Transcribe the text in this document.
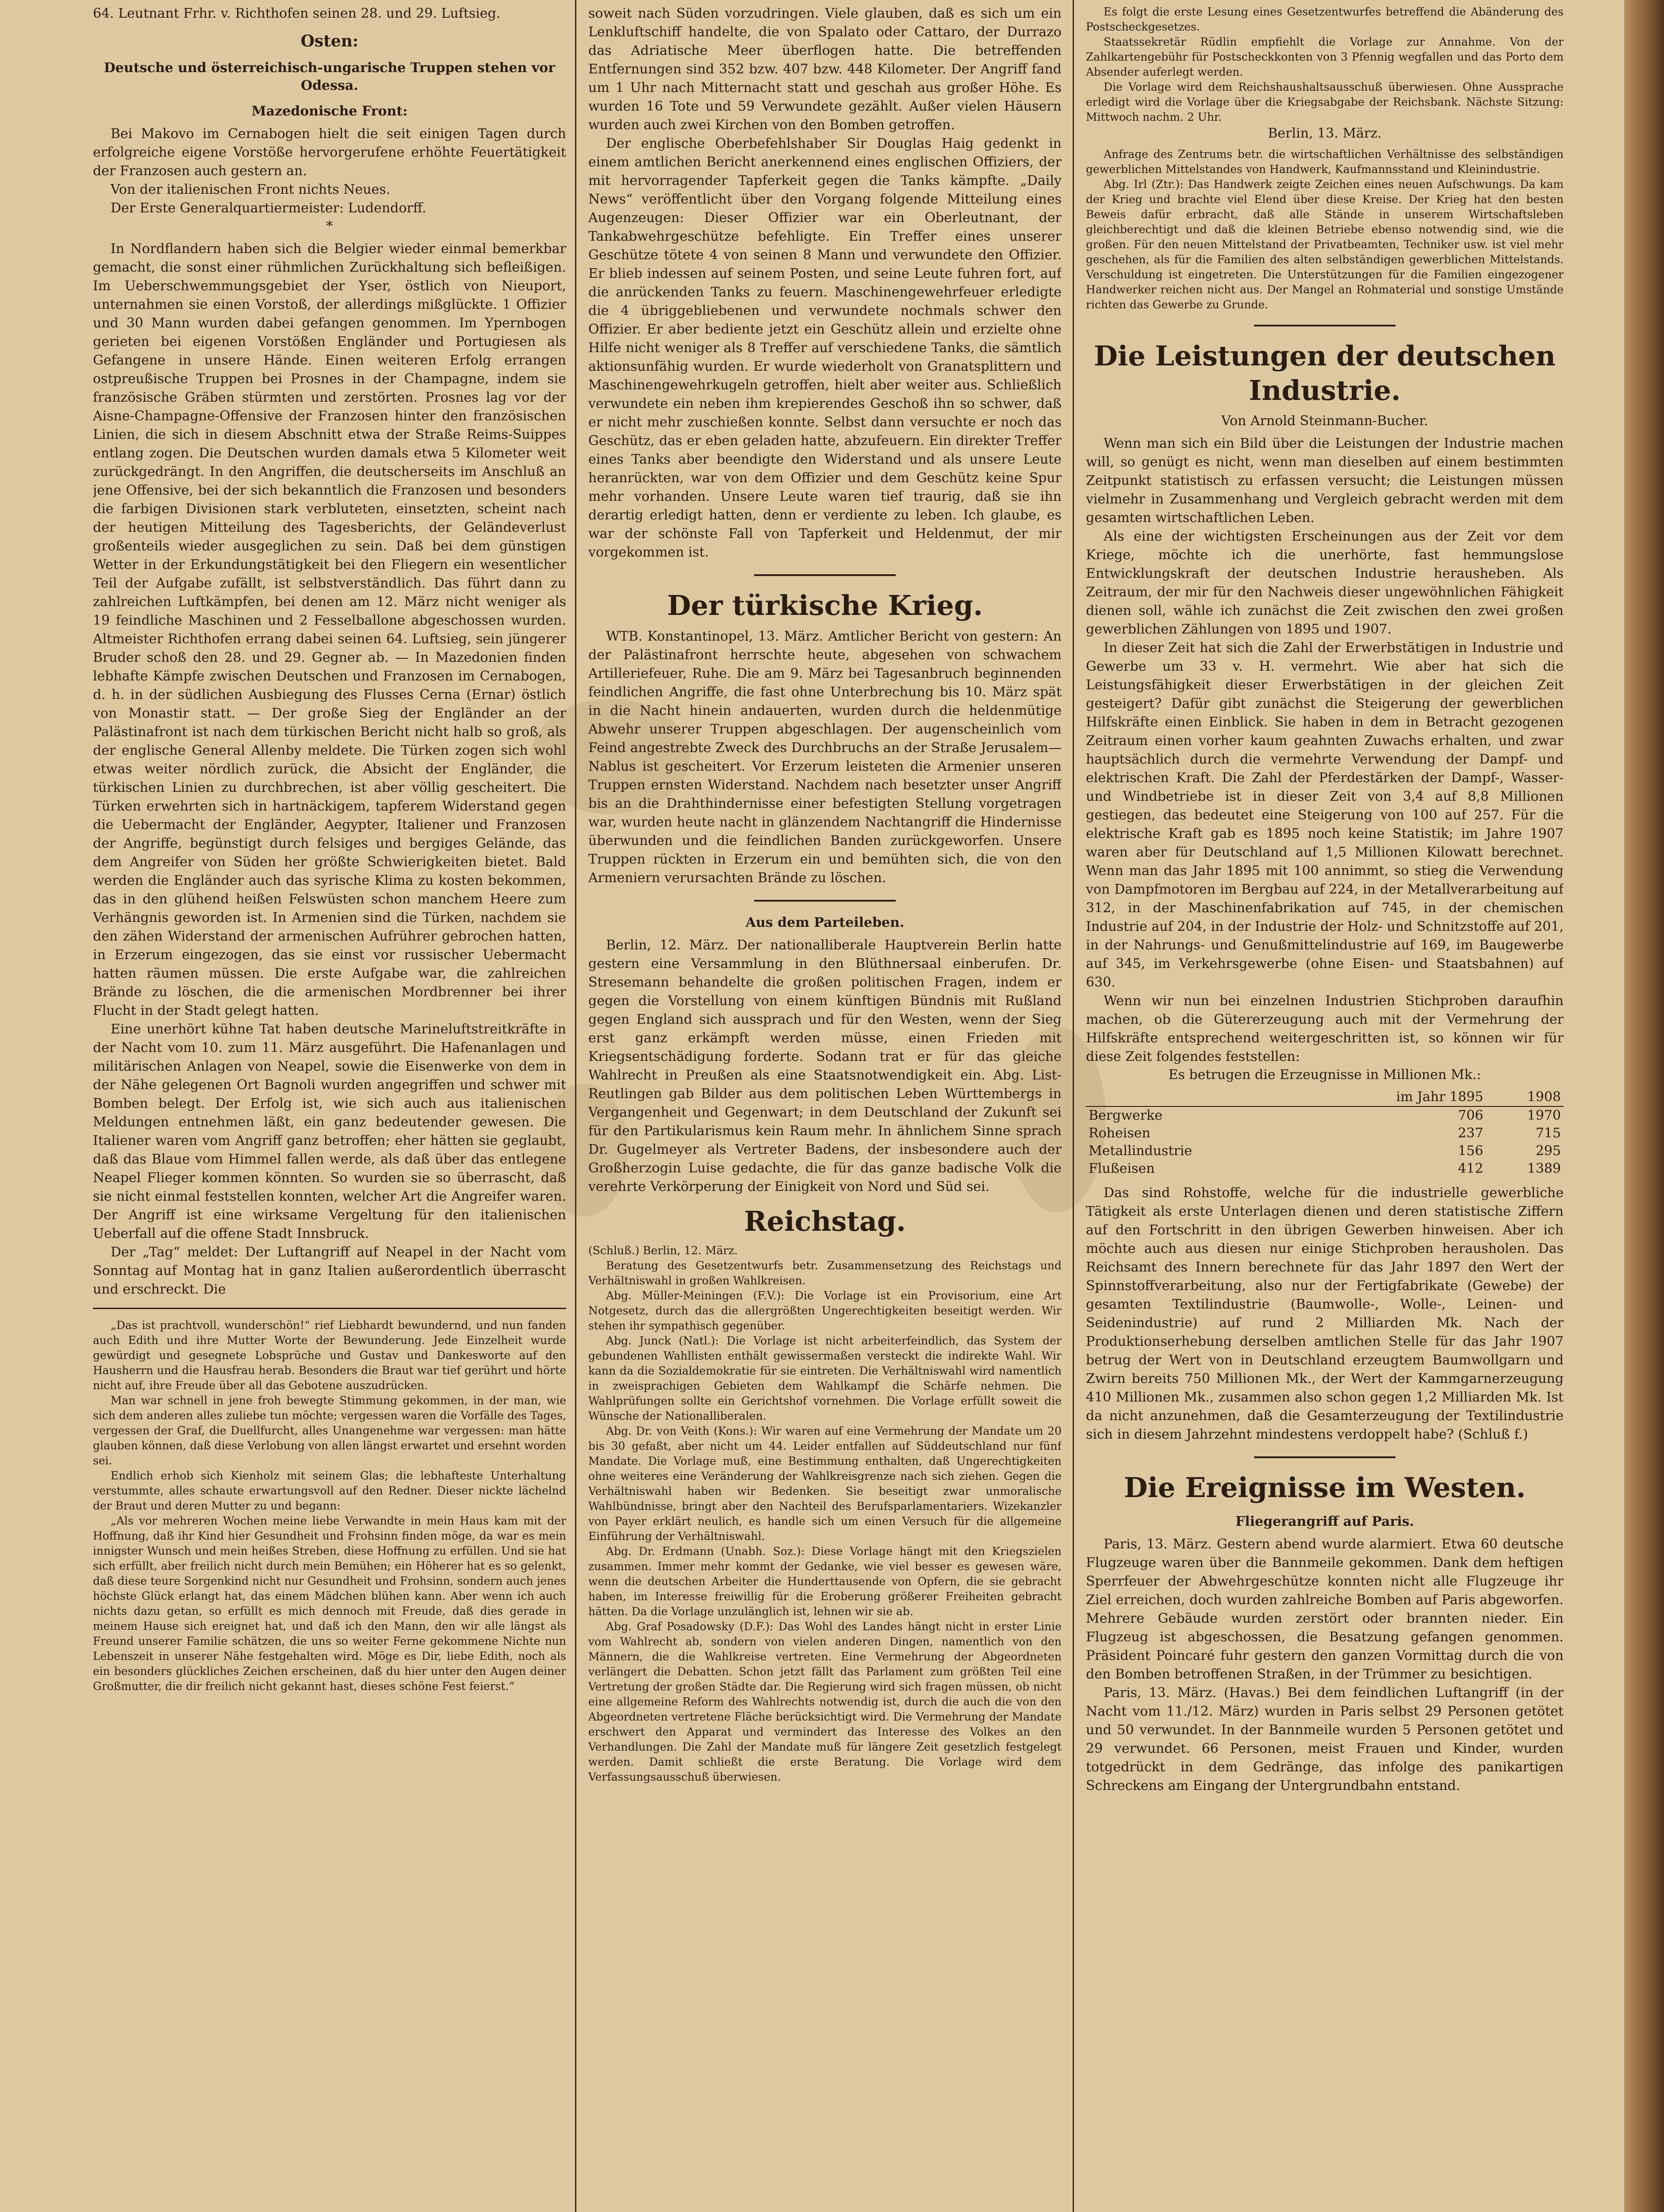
64. Leutnant Frhr. v. Richthofen seinen 28. und 29. Luftsieg.

Osten:
Deutsche und österreichisch-ungarische Truppen stehen vor Odessa.
Mazedonische Front:

Bei Makovo im Cernabogen hielt die seit einigen Tagen durch erfolgreiche eigene Vorstöße hervorgerufene erhöhte Feuertätigkeit der Franzosen auch gestern an.

Von der italienischen Front nichts Neues.

Der Erste Generalquartiermeister: Ludendorff.

*

In Nordflandern haben sich die Belgier wieder einmal bemerkbar gemacht, die sonst einer rühmlichen Zurückhaltung sich befleißigen. Im Ueberschwemmungsgebiet der Yser, östlich von Nieuport, unternahmen sie einen Vorstoß, der allerdings mißglückte. 1 Offizier und 30 Mann wurden dabei gefangen genommen. Im Ypernbogen gerieten bei eigenen Vorstößen Engländer und Portugiesen als Gefangene in unsere Hände. Einen weiteren Erfolg errangen ostpreußische Truppen bei Prosnes in der Champagne, indem sie französische Gräben stürmten und zerstörten. Prosnes lag vor der Aisne-Champagne-Offensive der Franzosen hinter den französischen Linien, die sich in diesem Abschnitt etwa der Straße Reims-Suippes entlang zogen. Die Deutschen wurden damals etwa 5 Kilometer weit zurückgedrängt. In den Angriffen, die deutscherseits im Anschluß an jene Offensive, bei der sich bekanntlich die Franzosen und besonders die farbigen Divisionen stark verbluteten, einsetzten, scheint nach der heutigen Mitteilung des Tagesberichts, der Geländeverlust großenteils wieder ausgeglichen zu sein. Daß bei dem günstigen Wetter in der Erkundungstätigkeit bei den Fliegern ein wesentlicher Teil der Aufgabe zufällt, ist selbstverständlich. Das führt dann zu zahlreichen Luftkämpfen, bei denen am 12. März nicht weniger als 19 feindliche Maschinen und 2 Fesselballone abgeschossen wurden. Altmeister Richthofen errang dabei seinen 64. Luftsieg, sein jüngerer Bruder schoß den 28. und 29. Gegner ab. — In Mazedonien finden lebhafte Kämpfe zwischen Deutschen und Franzosen im Cernabogen, d. h. in der südlichen Ausbiegung des Flusses Cerna (Ernar) östlich von Monastir statt. — Der große Sieg der Engländer an der Palästinafront ist nach dem türkischen Bericht nicht halb so groß, als der englische General Allenby meldete. Die Türken zogen sich wohl etwas weiter nördlich zurück, die Absicht der Engländer, die türkischen Linien zu durchbrechen, ist aber völlig gescheitert. Die Türken erwehrten sich in hartnäckigem, tapferem Widerstand gegen die Uebermacht der Engländer, Aegypter, Italiener und Franzosen der Angriffe, begünstigt durch felsiges und bergiges Gelände, das dem Angreifer von Süden her größte Schwierigkeiten bietet. Bald werden die Engländer auch das syrische Klima zu kosten bekommen, das in den glühend heißen Felswüsten schon manchem Heere zum Verhängnis geworden ist. In Armenien sind die Türken, nachdem sie den zähen Widerstand der armenischen Aufrührer gebrochen hatten, in Erzerum eingezogen, das sie einst vor russischer Uebermacht hatten räumen müssen. Die erste Aufgabe war, die zahlreichen Brände zu löschen, die die armenischen Mordbrenner bei ihrer Flucht in der Stadt gelegt hatten.

Eine unerhört kühne Tat haben deutsche Marineluftstreitkräfte in der Nacht vom 10. zum 11. März ausgeführt. Die Hafenanlagen und militärischen Anlagen von Neapel, sowie die Eisenwerke von dem in der Nähe gelegenen Ort Bagnoli wurden angegriffen und schwer mit Bomben belegt. Der Erfolg ist, wie sich auch aus italienischen Meldungen entnehmen läßt, ein ganz bedeutender gewesen. Die Italiener waren vom Angriff ganz betroffen; eher hätten sie geglaubt, daß das Blaue vom Himmel fallen werde, als daß über das entlegene Neapel Flieger kommen könnten. So wurden sie so überrascht, daß sie nicht einmal feststellen konnten, welcher Art die Angreifer waren. Der Angriff ist eine wirksame Vergeltung für den italienischen Ueberfall auf die offene Stadt Innsbruck.

Der „Tag“ meldet: Der Luftangriff auf Neapel in der Nacht vom Sonntag auf Montag hat in ganz Italien außerordentlich überrascht und erschreckt. Die

„Das ist prachtvoll, wunderschön!“ rief Liebhardt bewundernd, und nun fanden auch Edith und ihre Mutter Worte der Bewunderung. Jede Einzelheit wurde gewürdigt und gesegnete Lobsprüche und Gustav und Dankesworte auf den Hausherrn und die Hausfrau herab. Besonders die Braut war tief gerührt und hörte nicht auf, ihre Freude über all das Gebotene auszudrücken.

Man war schnell in jene froh bewegte Stimmung gekommen, in der man, wie sich dem anderen alles zuliebe tun möchte; vergessen waren die Vorfälle des Tages, vergessen der Graf, die Duellfurcht, alles Unangenehme war vergessen: man hätte glauben können, daß diese Verlobung von allen längst erwartet und ersehnt worden sei.

Endlich erhob sich Kienholz mit seinem Glas; die lebhafteste Unterhaltung verstummte, alles schaute erwartungsvoll auf den Redner. Dieser nickte lächelnd der Braut und deren Mutter zu und begann:

„Als vor mehreren Wochen meine liebe Verwandte in mein Haus kam mit der Hoffnung, daß ihr Kind hier Gesundheit und Frohsinn finden möge, da war es mein innigster Wunsch und mein heißes Streben, diese Hoffnung zu erfüllen. Und sie hat sich erfüllt, aber freilich nicht durch mein Bemühen; ein Höherer hat es so gelenkt, daß diese teure Sorgenkind nicht nur Gesundheit und Frohsinn, sondern auch jenes höchste Glück erlangt hat, das einem Mädchen blühen kann. Aber wenn ich auch nichts dazu getan, so erfüllt es mich dennoch mit Freude, daß dies gerade in meinem Hause sich ereignet hat, und daß ich den Mann, den wir alle längst als Freund unserer Familie schätzen, die uns so weiter Ferne gekommene Nichte nun Lebenszeit in unserer Nähe festgehalten wird. Möge es Dir, liebe Edith, noch als ein besonders glückliches Zeichen erscheinen, daß du hier unter den Augen deiner Großmutter, die dir freilich nicht gekannt hast, dieses schöne Fest feierst.“

soweit nach Süden vorzudringen. Viele glauben, daß es sich um ein Lenkluftschiff handelte, die von Spalato oder Cattaro, der Durrazo das Adriatische Meer überflogen hatte. Die betreffenden Entfernungen sind 352 bzw. 407 bzw. 448 Kilometer. Der Angriff fand um 1 Uhr nach Mitternacht statt und geschah aus großer Höhe. Es wurden 16 Tote und 59 Verwundete gezählt. Außer vielen Häusern wurden auch zwei Kirchen von den Bomben getroffen.

Der englische Oberbefehlshaber Sir Douglas Haig gedenkt in einem amtlichen Bericht anerkennend eines englischen Offiziers, der mit hervorragender Tapferkeit gegen die Tanks kämpfte. „Daily News“ veröffentlicht über den Vorgang folgende Mitteilung eines Augenzeugen: Dieser Offizier war ein Oberleutnant, der Tankabwehrgeschütze befehligte. Ein Treffer eines unserer Geschütze tötete 4 von seinen 8 Mann und verwundete den Offizier. Er blieb indessen auf seinem Posten, und seine Leute fuhren fort, auf die anrückenden Tanks zu feuern. Maschinengewehrfeuer erledigte die 4 übriggebliebenen und verwundete nochmals schwer den Offizier. Er aber bediente jetzt ein Geschütz allein und erzielte ohne Hilfe nicht weniger als 8 Treffer auf verschiedene Tanks, die sämtlich aktionsunfähig wurden. Er wurde wiederholt von Granatsplittern und Maschinengewehrkugeln getroffen, hielt aber weiter aus. Schließlich verwundete ein neben ihm krepierendes Geschoß ihn so schwer, daß er nicht mehr zuschießen konnte. Selbst dann versuchte er noch das Geschütz, das er eben geladen hatte, abzufeuern. Ein direkter Treffer eines Tanks aber beendigte den Widerstand und als unsere Leute heranrückten, war von dem Offizier und dem Geschütz keine Spur mehr vorhanden. Unsere Leute waren tief traurig, daß sie ihn derartig erledigt hatten, denn er verdiente zu leben. Ich glaube, es war der schönste Fall von Tapferkeit und Heldenmut, der mir vorgekommen ist.

Der türkische Krieg.

WTB. Konstantinopel, 13. März. Amtlicher Bericht von gestern: An der Palästinafront herrschte heute, abgesehen von schwachem Artilleriefeuer, Ruhe. Die am 9. März bei Tagesanbruch beginnenden feindlichen Angriffe, die fast ohne Unterbrechung bis 10. März spät in die Nacht hinein andauerten, wurden durch die heldenmütige Abwehr unserer Truppen abgeschlagen. Der augenscheinlich vom Feind angestrebte Zweck des Durchbruchs an der Straße Jerusalem—Nablus ist gescheitert. Vor Erzerum leisteten die Armenier unseren Truppen ernsten Widerstand. Nachdem nach besetzter unser Angriff bis an die Drahthindernisse einer befestigten Stellung vorgetragen war, wurden heute nacht in glänzendem Nachtangriff die Hindernisse überwunden und die feindlichen Banden zurückgeworfen. Unsere Truppen rückten in Erzerum ein und bemühten sich, die von den Armeniern verursachten Brände zu löschen.

Aus dem Parteileben.

Berlin, 12. März. Der nationalliberale Hauptverein Berlin hatte gestern eine Versammlung in den Blüthnersaal einberufen. Dr. Stresemann behandelte die großen politischen Fragen, indem er gegen die Vorstellung von einem künftigen Bündnis mit Rußland gegen England sich aussprach und für den Westen, wenn der Sieg erst ganz erkämpft werden müsse, einen Frieden mit Kriegsentschädigung forderte. Sodann trat er für das gleiche Wahlrecht in Preußen als eine Staatsnotwendigkeit ein. Abg. List-Reutlingen gab Bilder aus dem politischen Leben Württembergs in Vergangenheit und Gegenwart; in dem Deutschland der Zukunft sei für den Partikularismus kein Raum mehr. In ähnlichem Sinne sprach Dr. Gugelmeyer als Vertreter Badens, der insbesondere auch der Großherzogin Luise gedachte, die für das ganze badische Volk die verehrte Verkörperung der Einigkeit von Nord und Süd sei.

Reichstag.

(Schluß.) Berlin, 12. März.

Beratung des Gesetzentwurfs betr. Zusammensetzung des Reichstags und Verhältniswahl in großen Wahlkreisen.

Abg. Müller-Meiningen (F.V.): Die Vorlage ist ein Provisorium, eine Art Notgesetz, durch das die allergrößten Ungerechtigkeiten beseitigt werden. Wir stehen ihr sympathisch gegenüber.

Abg. Junck (Natl.): Die Vorlage ist nicht arbeiterfeindlich, das System der gebundenen Wahllisten enthält gewissermaßen versteckt die indirekte Wahl. Wir kann da die Sozialdemokratie für sie eintreten. Die Verhältniswahl wird namentlich in zweisprachigen Gebieten dem Wahlkampf die Schärfe nehmen. Die Wahlprüfungen sollte ein Gerichtshof vornehmen. Die Vorlage erfüllt soweit die Wünsche der Nationalliberalen.

Abg. Dr. von Veith (Kons.): Wir waren auf eine Vermehrung der Mandate um 20 bis 30 gefaßt, aber nicht um 44. Leider entfallen auf Süddeutschland nur fünf Mandate. Die Vorlage muß, eine Bestimmung enthalten, daß Ungerechtigkeiten ohne weiteres eine Veränderung der Wahlkreisgrenze nach sich ziehen. Gegen die Verhältniswahl haben wir Bedenken. Sie beseitigt zwar unmoralische Wahlbündnisse, bringt aber den Nachteil des Berufsparlamentariers. Wizekanzler von Payer erklärt neulich, es handle sich um einen Versuch für die allgemeine Einführung der Verhältniswahl.

Abg. Dr. Erdmann (Unabh. Soz.): Diese Vorlage hängt mit den Kriegszielen zusammen. Immer mehr kommt der Gedanke, wie viel besser es gewesen wäre, wenn die deutschen Arbeiter die Hunderttausende von Opfern, die sie gebracht haben, im Interesse freiwillig für die Eroberung größerer Freiheiten gebracht hätten. Da die Vorlage unzulänglich ist, lehnen wir sie ab.

Abg. Graf Posadowsky (D.F.): Das Wohl des Landes hängt nicht in erster Linie vom Wahlrecht ab, sondern von vielen anderen Dingen, namentlich von den Männern, die die Wahlkreise vertreten. Eine Vermehrung der Abgeordneten verlängert die Debatten. Schon jetzt fällt das Parlament zum größten Teil eine Vertretung der großen Städte dar. Die Regierung wird sich fragen müssen, ob nicht eine allgemeine Reform des Wahlrechts notwendig ist, durch die auch die von den Abgeordneten vertretene Fläche berücksichtigt wird. Die Vermehrung der Mandate erschwert den Apparat und vermindert das Interesse des Volkes an den Verhandlungen. Die Zahl der Mandate muß für längere Zeit gesetzlich festgelegt werden. Damit schließt die erste Beratung. Die Vorlage wird dem Verfassungsausschuß überwiesen.

Es folgt die erste Lesung eines Gesetzentwurfes betreffend die Abänderung des Postscheckgesetzes.

Staatssekretär Rüdlin empfiehlt die Vorlage zur Annahme. Von der Zahlkartengebühr für Postscheckkonten von 3 Pfennig wegfallen und das Porto dem Absender auferlegt werden.

Die Vorlage wird dem Reichshaushaltsausschuß überwiesen. Ohne Aussprache erledigt wird die Vorlage über die Kriegsabgabe der Reichsbank. Nächste Sitzung: Mittwoch nachm. 2 Uhr.

Berlin, 13. März.

Anfrage des Zentrums betr. die wirtschaftlichen Verhältnisse des selbständigen gewerblichen Mittelstandes von Handwerk, Kaufmannsstand und Kleinindustrie.

Abg. Irl (Ztr.): Das Handwerk zeigte Zeichen eines neuen Aufschwungs. Da kam der Krieg und brachte viel Elend über diese Kreise. Der Krieg hat den besten Beweis dafür erbracht, daß alle Stände in unserem Wirtschaftsleben gleichberechtigt und daß die kleinen Betriebe ebenso notwendig sind, wie die großen. Für den neuen Mittelstand der Privatbeamten, Techniker usw. ist viel mehr geschehen, als für die Familien des alten selbständigen gewerblichen Mittelstands. Verschuldung ist eingetreten. Die Unterstützungen für die Familien eingezogener Handwerker reichen nicht aus. Der Mangel an Rohmaterial und sonstige Umstände richten das Gewerbe zu Grunde.

Die Leistungen der deutschen Industrie.
Von Arnold Steinmann-Bucher.

Wenn man sich ein Bild über die Leistungen der Industrie machen will, so genügt es nicht, wenn man dieselben auf einem bestimmten Zeitpunkt statistisch zu erfassen versucht; die Leistungen müssen vielmehr in Zusammenhang und Vergleich gebracht werden mit dem gesamten wirtschaftlichen Leben.

Als eine der wichtigsten Erscheinungen aus der Zeit vor dem Kriege, möchte ich die unerhörte, fast hemmungslose Entwicklungskraft der deutschen Industrie herausheben. Als Zeitraum, der mir für den Nachweis dieser ungewöhnlichen Fähigkeit dienen soll, wähle ich zunächst die Zeit zwischen den zwei großen gewerblichen Zählungen von 1895 und 1907.

In dieser Zeit hat sich die Zahl der Erwerbstätigen in Industrie und Gewerbe um 33 v. H. vermehrt. Wie aber hat sich die Leistungsfähigkeit dieser Erwerbstätigen in der gleichen Zeit gesteigert? Dafür gibt zunächst die Steigerung der gewerblichen Hilfskräfte einen Einblick. Sie haben in dem in Betracht gezogenen Zeitraum einen vorher kaum geahnten Zuwachs erhalten, und zwar hauptsächlich durch die vermehrte Verwendung der Dampf- und elektrischen Kraft. Die Zahl der Pferdestärken der Dampf-, Wasser- und Windbetriebe ist in dieser Zeit von 3,4 auf 8,8 Millionen gestiegen, das bedeutet eine Steigerung von 100 auf 257. Für die elektrische Kraft gab es 1895 noch keine Statistik; im Jahre 1907 waren aber für Deutschland auf 1,5 Millionen Kilowatt berechnet. Wenn man das Jahr 1895 mit 100 annimmt, so stieg die Verwendung von Dampfmotoren im Bergbau auf 224, in der Metallverarbeitung auf 312, in der Maschinenfabrikation auf 745, in der chemischen Industrie auf 204, in der Industrie der Holz- und Schnitzstoffe auf 201, in der Nahrungs- und Genußmittelindustrie auf 169, im Baugewerbe auf 345, im Verkehrsgewerbe (ohne Eisen- und Staatsbahnen) auf 630.

Wenn wir nun bei einzelnen Industrien Stichproben daraufhin machen, ob die Gütererzeugung auch mit der Vermehrung der Hilfskräfte entsprechend weitergeschritten ist, so können wir für diese Zeit folgendes feststellen:

Es betrugen die Erzeugnisse in Millionen Mk.:
	im Jahr 1895	1908
Bergwerke	706	1970
Roheisen	237	715
Metallindustrie	156	295
Flußeisen	412	1389

Das sind Rohstoffe, welche für die industrielle gewerbliche Tätigkeit als erste Unterlagen dienen und deren statistische Ziffern auf den Fortschritt in den übrigen Gewerben hinweisen. Aber ich möchte auch aus diesen nur einige Stichproben herausholen. Das Reichsamt des Innern berechnete für das Jahr 1897 den Wert der Spinnstoffverarbeitung, also nur der Fertigfabrikate (Gewebe) der gesamten Textilindustrie (Baumwolle-, Wolle-, Leinen- und Seidenindustrie) auf rund 2 Milliarden Mk. Nach der Produktionserhebung derselben amtlichen Stelle für das Jahr 1907 betrug der Wert von in Deutschland erzeugtem Baumwollgarn und Zwirn bereits 750 Millionen Mk., der Wert der Kammgarnerzeugung 410 Millionen Mk., zusammen also schon gegen 1,2 Milliarden Mk. Ist da nicht anzunehmen, daß die Gesamterzeugung der Textilindustrie sich in diesem Jahrzehnt mindestens verdoppelt habe? (Schluß f.)

Die Ereignisse im Westen.
Fliegerangriff auf Paris.

Paris, 13. März. Gestern abend wurde alarmiert. Etwa 60 deutsche Flugzeuge waren über die Bannmeile gekommen. Dank dem heftigen Sperrfeuer der Abwehrgeschütze konnten nicht alle Flugzeuge ihr Ziel erreichen, doch wurden zahlreiche Bomben auf Paris abgeworfen. Mehrere Gebäude wurden zerstört oder brannten nieder. Ein Flugzeug ist abgeschossen, die Besatzung gefangen genommen. Präsident Poincaré fuhr gestern den ganzen Vormittag durch die von den Bomben betroffenen Straßen, in der Trümmer zu besichtigen.

Paris, 13. März. (Havas.) Bei dem feindlichen Luftangriff (in der Nacht vom 11./12. März) wurden in Paris selbst 29 Personen getötet und 50 verwundet. In der Bannmeile wurden 5 Personen getötet und 29 verwundet. 66 Personen, meist Frauen und Kinder, wurden totgedrückt in dem Gedränge, das infolge des panikartigen Schreckens am Eingang der Untergrundbahn entstand.
